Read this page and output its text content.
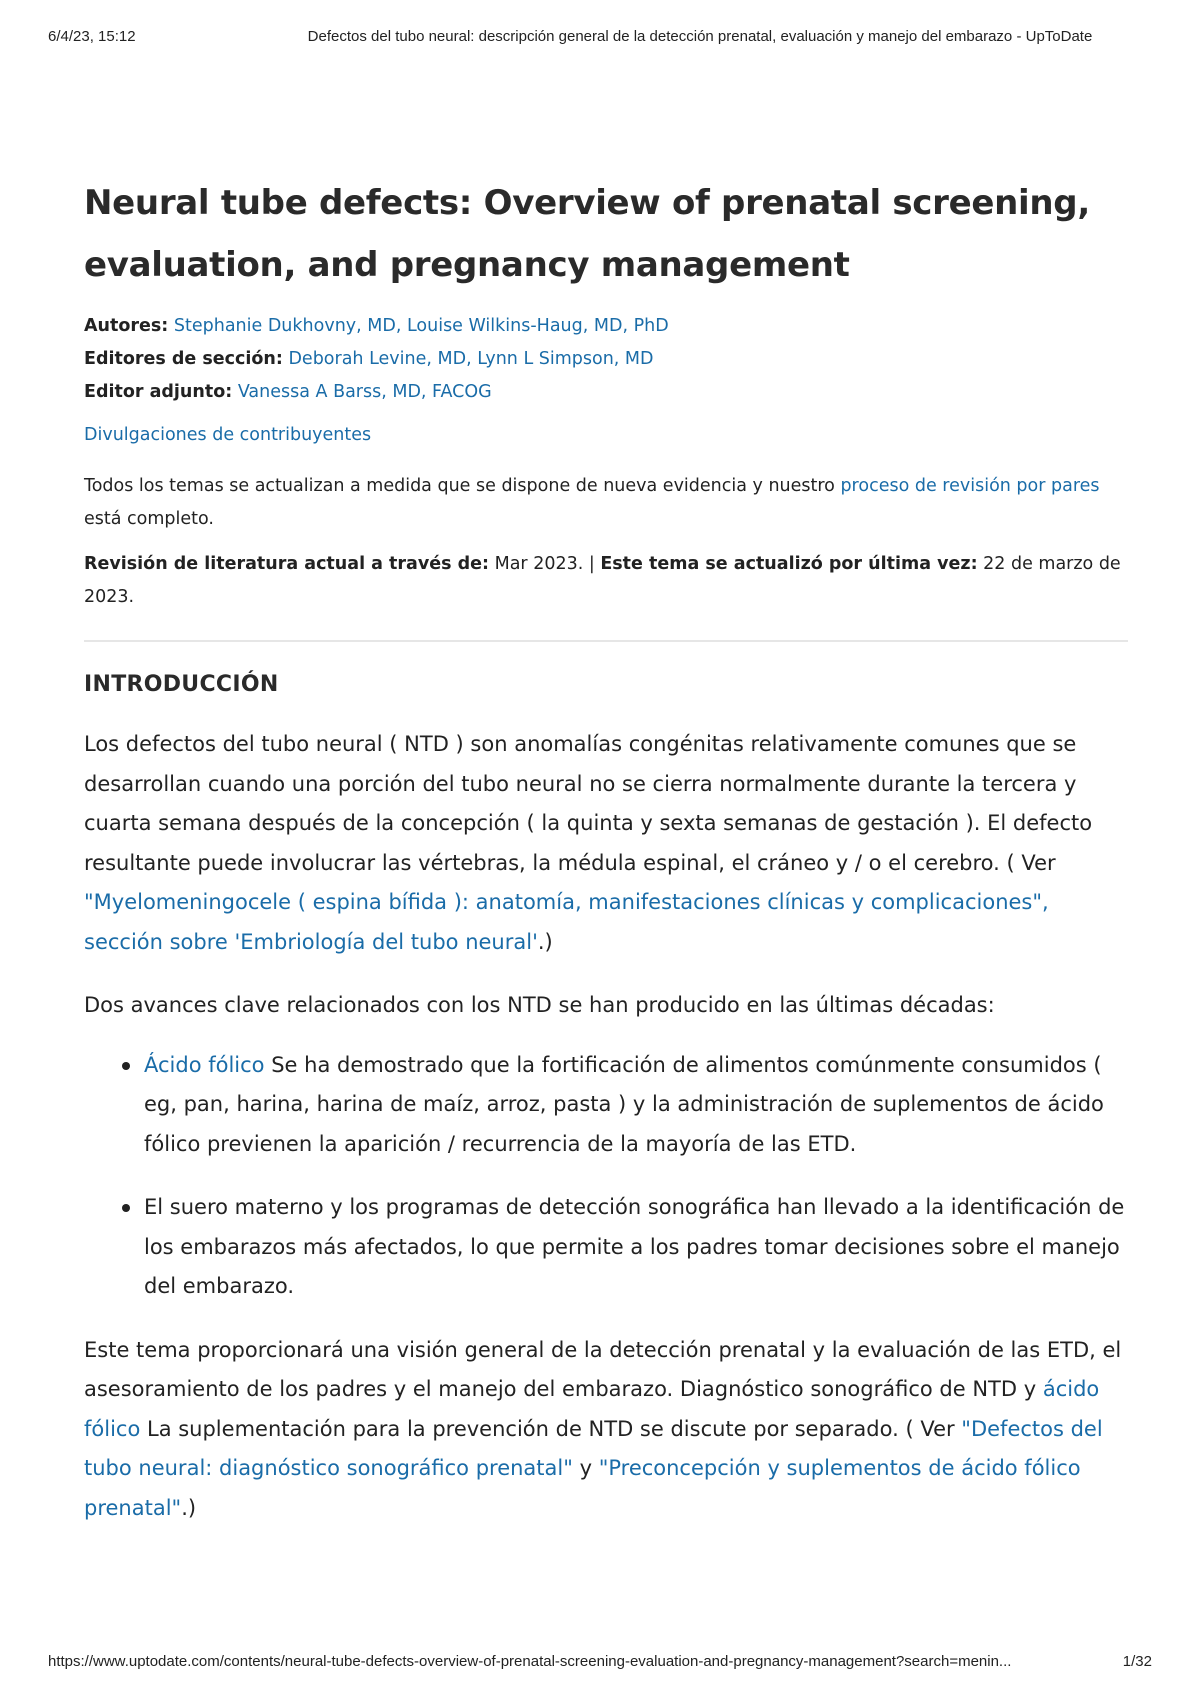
6/4/23, 15:12	Defectos del tubo neural: descripción general de la detección prenatal, evaluación y manejo del embarazo - UpToDate
Neural tube defects: Overview of prenatal screening, evaluation, and pregnancy management
Autores: Stephanie Dukhovny, MD, Louise Wilkins-Haug, MD, PhD
Editores de sección: Deborah Levine, MD, Lynn L Simpson, MD
Editor adjunto: Vanessa A Barss, MD, FACOG
Divulgaciones de contribuyentes
Todos los temas se actualizan a medida que se dispone de nueva evidencia y nuestro proceso de revisión por pares está completo.
Revisión de literatura actual a través de: Mar 2023. | Este tema se actualizó por última vez: 22 de marzo de 2023.
INTRODUCCIÓN

Los defectos del tubo neural ( NTD ) son anomalías congénitas relativamente comunes que se desarrollan cuando una porción del tubo neural no se cierra normalmente durante la tercera y cuarta semana después de la concepción ( la quinta y sexta semanas de gestación ). El defecto resultante puede involucrar las vértebras, la médula espinal, el cráneo y / o el cerebro. ( Ver "Myelomeningocele ( espina bífida ): anatomía, manifestaciones clínicas y complicaciones", sección sobre 'Embriología del tubo neural'.)

Dos avances clave relacionados con los NTD se han producido en las últimas décadas:

Ácido fólico Se ha demostrado que la fortificación de alimentos comúnmente consumidos ( eg, pan, harina, harina de maíz, arroz, pasta ) y la administración de suplementos de ácido fólico previenen la aparición / recurrencia de la mayoría de las ETD.
El suero materno y los programas de detección sonográfica han llevado a la identificación de los embarazos más afectados, lo que permite a los padres tomar decisiones sobre el manejo del embarazo.

Este tema proporcionará una visión general de la detección prenatal y la evaluación de las ETD, el asesoramiento de los padres y el manejo del embarazo. Diagnóstico sonográfico de NTD y ácido fólico La suplementación para la prevención de NTD se discute por separado. ( Ver "Defectos del tubo neural: diagnóstico sonográfico prenatal" y "Preconcepción y suplementos de ácido fólico prenatal".)

https://www.uptodate.com/contents/neural-tube-defects-overview-of-prenatal-screening-evaluation-and-pregnancy-management?search=menin...	1/32
